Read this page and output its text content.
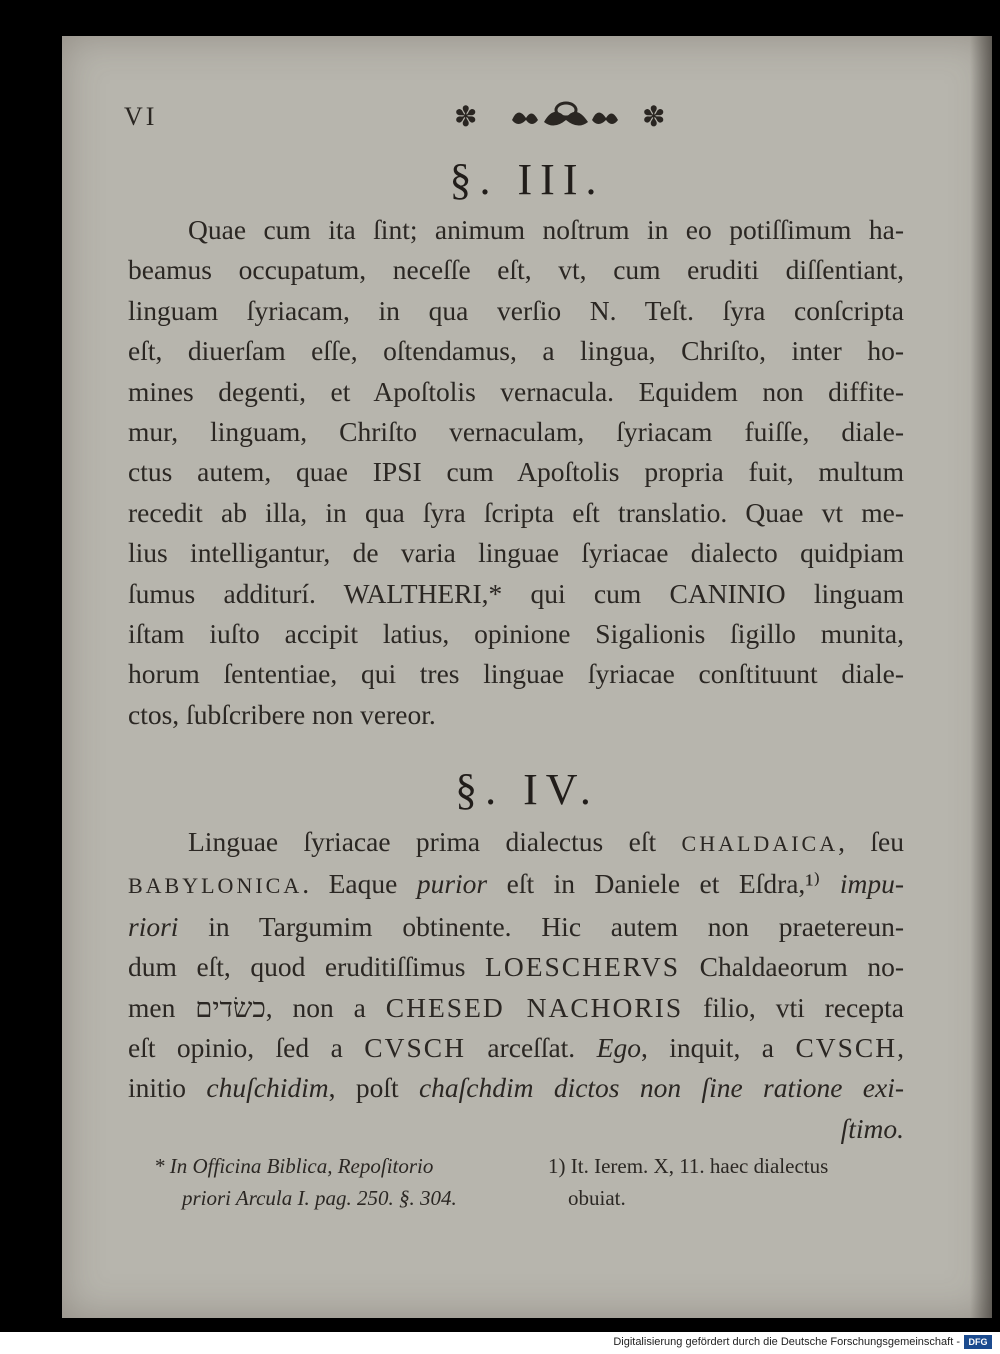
VI	✽	✽
§. III.
Quae cum ita ſint; animum noſtrum in eo potiſſimum ha-
beamus occupatum, neceſſe eſt, vt, cum eruditi diſſentiant,
linguam ſyriacam, in qua verſio N. Teſt. ſyra conſcripta
eſt, diuerſam eſſe, oſtendamus, a lingua, Chriſto, inter ho-
mines degenti, et Apoſtolis vernacula. Equidem non diffite-
mur, linguam, Chriſto vernaculam, ſyriacam fuiſſe, diale-
ctus autem, quae IPSI cum Apoſtolis propria fuit, multum
recedit ab illa, in qua ſyra ſcripta eſt translatio. Quae vt me-
lius intelligantur, de varia linguae ſyriacae dialecto quidpiam
ſumus additurí. WALTHERI,* qui cum CANINIO linguam
iſtam iuſto accipit latius, opinione Sigalionis ſigillo munita,
horum ſententiae, qui tres linguae ſyriacae conſtituunt diale-
ctos, ſubſcribere non vereor.
§. IV.
Linguae ſyriacae prima dialectus eſt CHALDAICA, ſeu
BABYLONICA. Eaque purior eſt in Daniele et Eſdra,¹⁾ impu-
riori in Targumim obtinente. Hic autem non praetereun-
dum eſt, quod eruditiſſimus LOESCHERVS Chaldaeorum no-
men כשׂדים, non a CHESED NACHORIS filio, vti recepta
eſt opinio, ſed a CVSCH arceſſat. Ego, inquit, a CVSCH,
initio chuſchidim, poſt chaſchdim dictos non ſine ratione exi-
ſtimo.
* In Officina Biblica, Repoſitorio
priori Arcula I. pag. 250. §. 304.
1) It. Ierem. X, 11. haec dialectus
obuiat.
Digitalisierung gefördert durch die Deutsche Forschungsgemeinschaft - DFG
